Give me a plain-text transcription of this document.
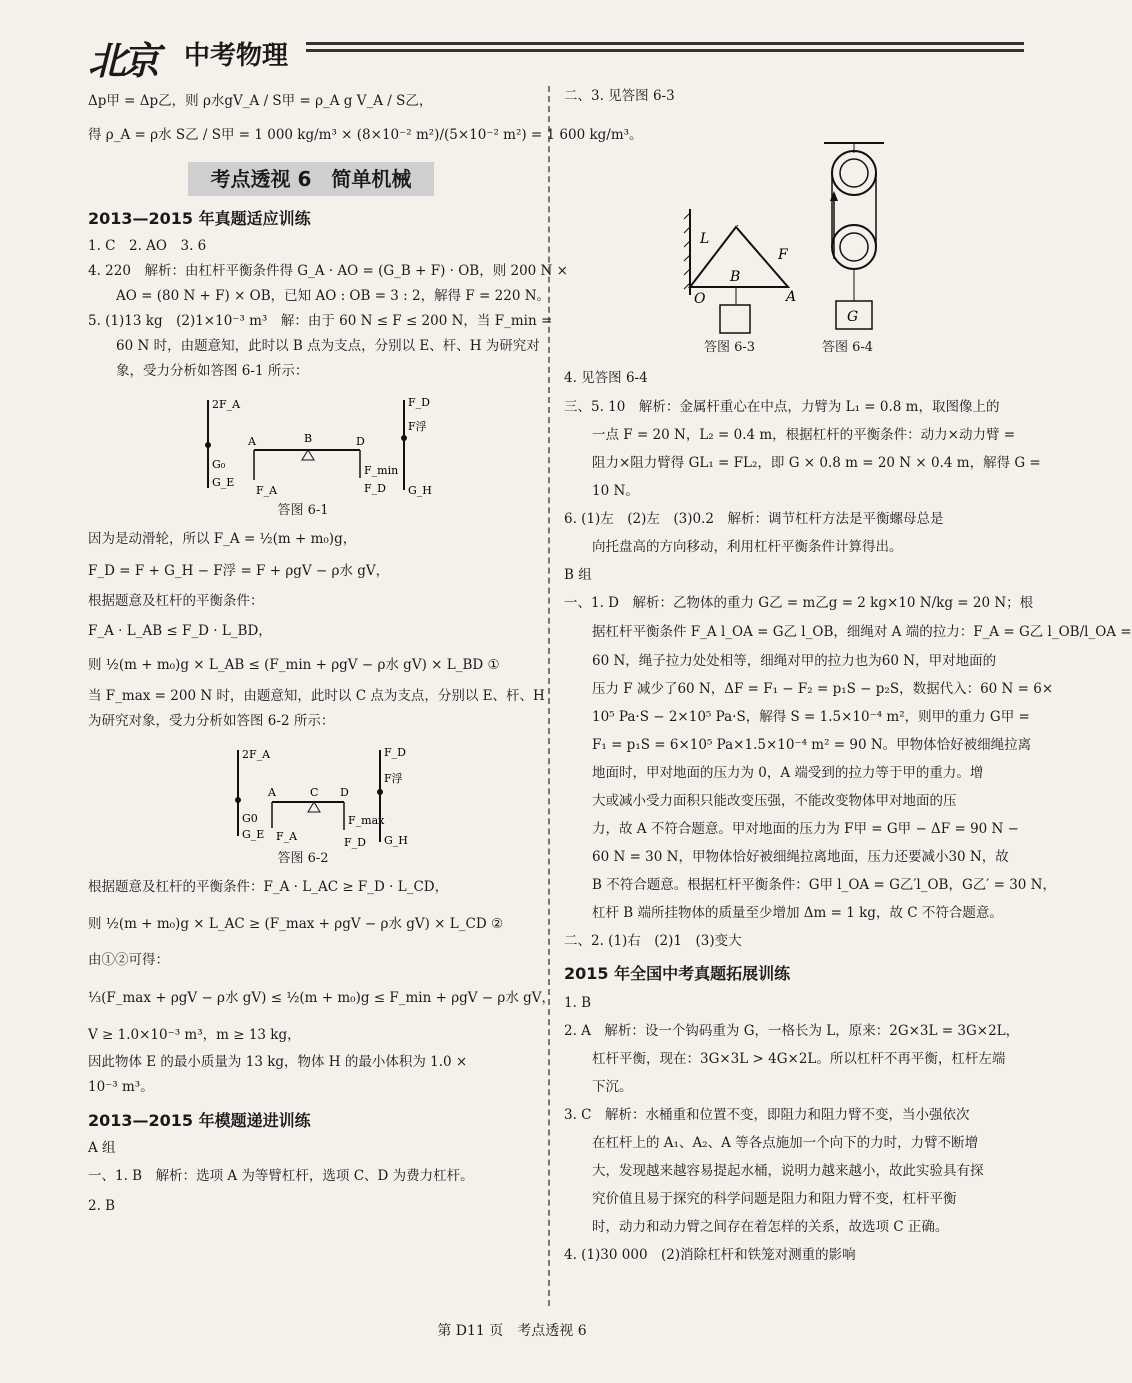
北京 中考物理
Δp甲 = Δp乙，则 ρ水gV_A / S甲 = ρ_A g V_A / S乙，
得 ρ_A = ρ水 S乙 / S甲 = 1 000 kg/m³ × (8×10⁻² m²)/(5×10⁻² m²) = 1 600 kg/m³。
考点透视 6　简单机械
2013—2015 年真题适应训练
1. C　2. AO　3. 6
4. 220　解析：由杠杆平衡条件得 G_A · AO = (G_B + F) · OB，则 200 N ×
AO = (80 N + F) × OB，已知 AO : OB = 3 : 2，解得 F = 220 N。
5. (1)13 kg　(2)1×10⁻³ m³　解：由于 60 N ≤ F ≤ 200 N，当 F_min =
60 N 时，由题意知，此时以 B 点为支点，分别以 E、杆、H 为研究对
象，受力分析如答图 6-1 所示：
2F_A
G₀
G_E
A	B	D
F_A
F_min
F_D
F_D
F浮
G_H
答图 6-1
因为是动滑轮，所以 F_A = ½(m + m₀)g，
F_D = F + G_H − F浮 = F + ρgV − ρ水 gV，
根据题意及杠杆的平衡条件：
F_A · L_AB ≤ F_D · L_BD，
则 ½(m + m₀)g × L_AB ≤ (F_min + ρgV − ρ水 gV) × L_BD ①
当 F_max = 200 N 时，由题意知，此时以 C 点为支点，分别以 E、杆、H
为研究对象，受力分析如答图 6-2 所示：
2F_A
G0
G_E
A	C D
F_A
F_max
F_D
F_D
F浮
G_H
答图 6-2
根据题意及杠杆的平衡条件：F_A · L_AC ≥ F_D · L_CD，
则 ½(m + m₀)g × L_AC ≥ (F_max + ρgV − ρ水 gV) × L_CD ②
由①②可得：
⅓(F_max + ρgV − ρ水 gV) ≤ ½(m + m₀)g ≤ F_min + ρgV − ρ水 gV，
V ≥ 1.0×10⁻³ m³，m ≥ 13 kg，
因此物体 E 的最小质量为 13 kg，物体 H 的最小体积为 1.0 ×
10⁻³ m³。
2013—2015 年模题递进训练
A 组
一、1. B　解析：选项 A 为等臂杠杆，选项 C、D 为费力杠杆。
2. B
二、3. 见答图 6-3
L
F
B
O	A
G
答图 6-3	答图 6-4
4. 见答图 6-4
三、5. 10　解析：金属杆重心在中点，力臂为 L₁ = 0.8 m，取图像上的
一点 F = 20 N，L₂ = 0.4 m，根据杠杆的平衡条件：动力×动力臂 =
阻力×阻力臂得 GL₁ = FL₂，即 G × 0.8 m = 20 N × 0.4 m，解得 G =
10 N。
6. (1)左　(2)左　(3)0.2　解析：调节杠杆方法是平衡螺母总是
向托盘高的方向移动，利用杠杆平衡条件计算得出。
B 组
一、1. D　解析：乙物体的重力 G乙 = m乙g = 2 kg×10 N/kg = 20 N；根
据杠杆平衡条件 F_A l_OA = G乙 l_OB，细绳对 A 端的拉力：F_A = G乙 l_OB/l_OA =
60 N，绳子拉力处处相等，细绳对甲的拉力也为60 N，甲对地面的
压力 F 减少了60 N，ΔF = F₁ − F₂ = p₁S − p₂S，数据代入：60 N = 6×
10⁵ Pa·S − 2×10⁵ Pa·S，解得 S = 1.5×10⁻⁴ m²，则甲的重力 G甲 =
F₁ = p₁S = 6×10⁵ Pa×1.5×10⁻⁴ m² = 90 N。甲物体恰好被细绳拉离
地面时，甲对地面的压力为 0，A 端受到的拉力等于甲的重力。增
大或减小受力面积只能改变压强，不能改变物体甲对地面的压
力，故 A 不符合题意。甲对地面的压力为 F甲 = G甲 − ΔF = 90 N −
60 N = 30 N，甲物体恰好被细绳拉离地面，压力还要减小30 N，故
B 不符合题意。根据杠杆平衡条件：G甲 l_OA = G乙′l_OB，G乙′ = 30 N，
杠杆 B 端所挂物体的质量至少增加 Δm = 1 kg，故 C 不符合题意。
二、2. (1)右　(2)1　(3)变大
2015 年全国中考真题拓展训练
1. B
2. A　解析：设一个钩码重为 G，一格长为 L，原来：2G×3L = 3G×2L，
杠杆平衡，现在：3G×3L > 4G×2L。所以杠杆不再平衡，杠杆左端
下沉。
3. C　解析：水桶重和位置不变，即阻力和阻力臂不变，当小强依次
在杠杆上的 A₁、A₂、A 等各点施加一个向下的力时，力臂不断增
大，发现越来越容易提起水桶，说明力越来越小，故此实验具有探
究价值且易于探究的科学问题是阻力和阻力臂不变，杠杆平衡
时，动力和动力臂之间存在着怎样的关系，故选项 C 正确。
4. (1)30 000　(2)消除杠杆和铁笼对测重的影响
第 D11 页　考点透视 6
